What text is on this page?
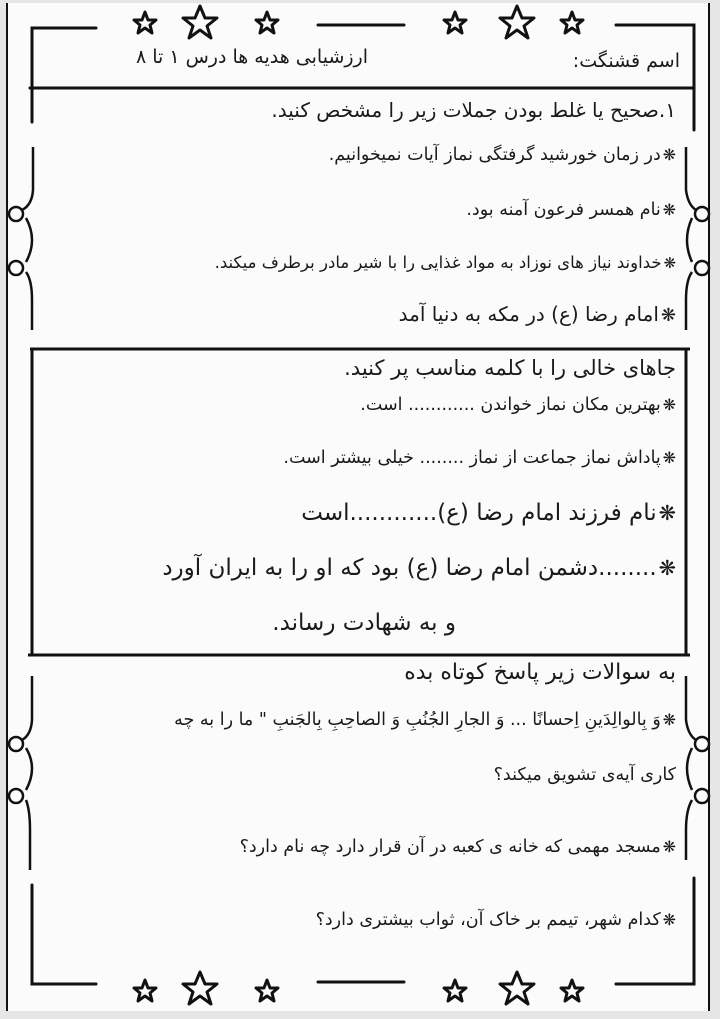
اسم قشنگت:
ارزشیابی هدیه ها درس ۱ تا ۸
۱.صحیح یا غلط بودن جملات زیر را مشخص کنید.
❋در زمان خورشید گرفتگی نماز آیات نمیخوانیم.
❋نام همسر فرعون آمنه بود.
❋خداوند نیاز های نوزاد به مواد غذایی را با شیر مادر برطرف میکند.
❋امام رضا (ع) در مکه به دنیا آمد
جاهای خالی را با کلمه مناسب پر کنید.
❋بهترین مکان نماز خواندن ............ است.
❋پاداش نماز جماعت از نماز ........ خیلی بیشتر است.
❋نام فرزند امام رضا (ع)............است
❋........دشمن امام رضا (ع) بود که او را به ایران آورد
و به شهادت رساند.
به سوالات زیر پاسخ کوتاه بده
❋وَ بِالوالِدَینِ اِحسانًا ... وَ الجارِ الجُنُبِ وَ الصاحِبِ بِالجَنبِ " ما را به چه
کاری آیه‌ی تشویق میکند؟
❋مسجد مهمی که خانه ی کعبه در آن قرار دارد چه نام دارد؟
❋کدام شهر، تیمم بر خاک آن، ثواب بیشتری دارد؟
